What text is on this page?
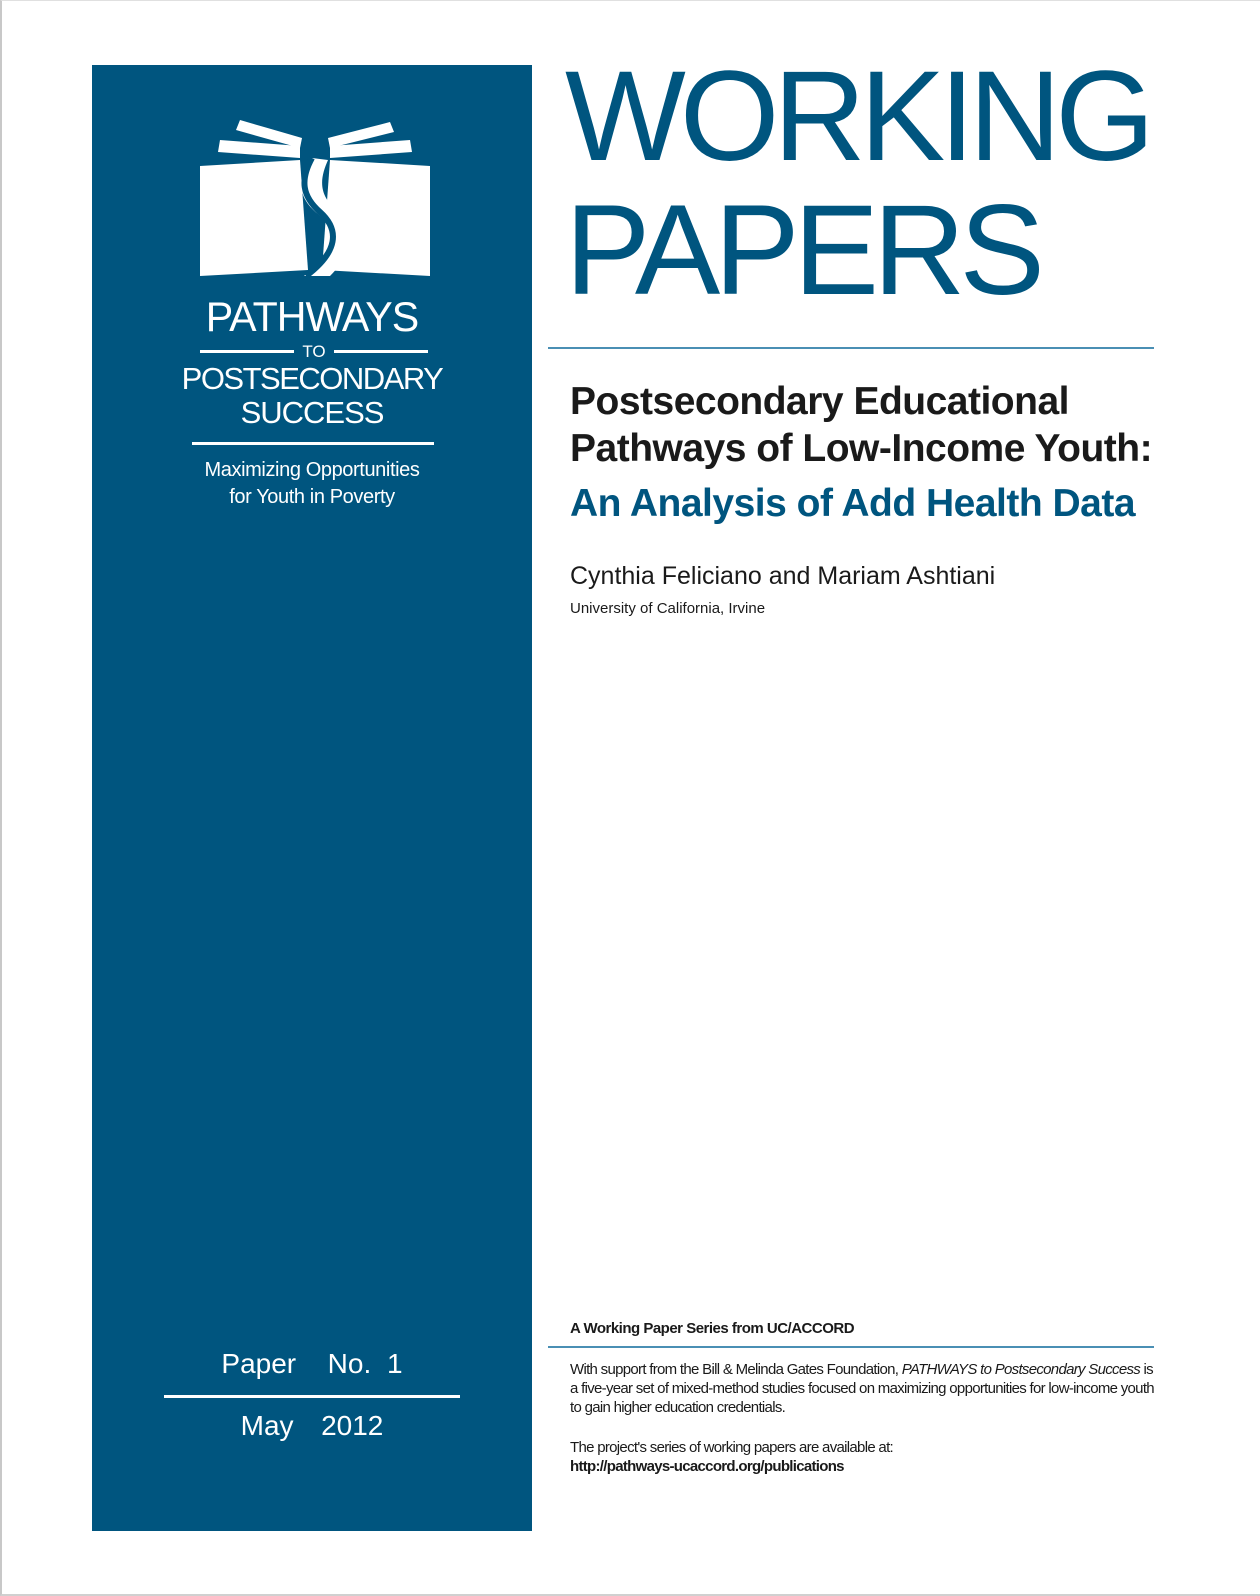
PATHWAYS
TO
POSTSECONDARY
SUCCESS
Maximizing Opportunities
for Youth in Poverty
Paper  No. 1
May  2012
WORKING
PAPERS
Postsecondary Educational
Pathways of Low-Income Youth:
An Analysis of Add Health Data
Cynthia Feliciano and Mariam Ashtiani
University of California, Irvine
A Working Paper Series from UC/ACCORD
With support from the Bill & Melinda Gates Foundation, PATHWAYS to Postsecondary Success is a five-year set of mixed-method studies focused on maximizing opportunities for low-income youth to gain higher education credentials.
The project's series of working papers are available at:
http://pathways-ucaccord.org/publications
